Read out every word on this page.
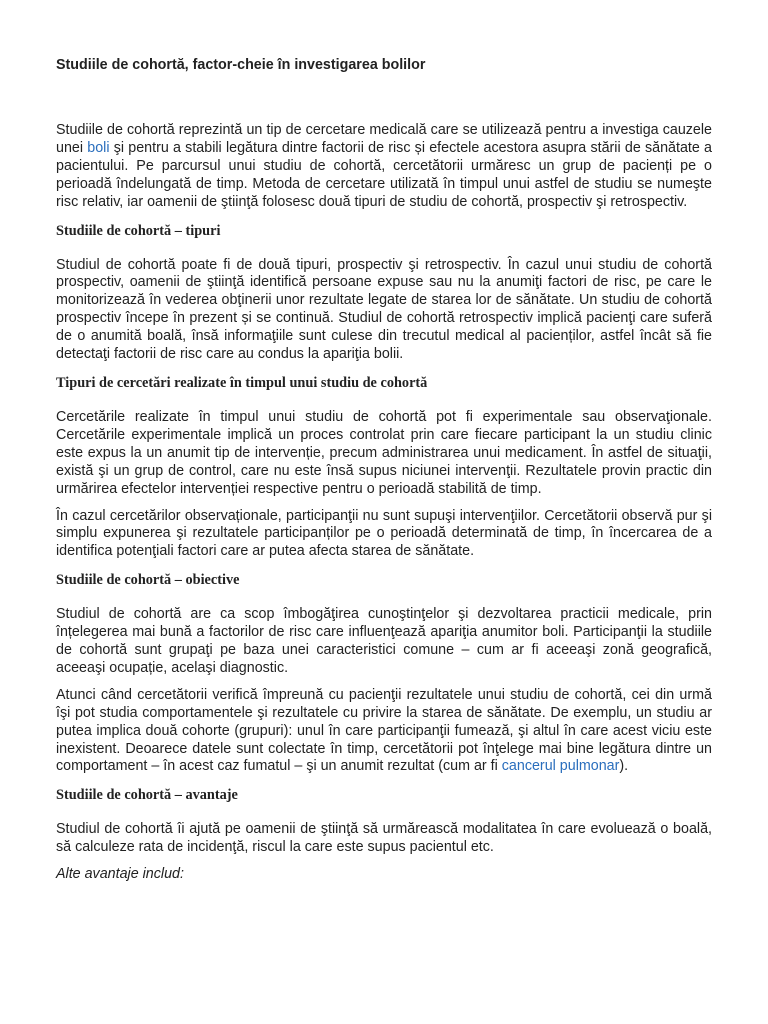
Studiile de cohortă, factor-cheie în investigarea bolilor

Studiile de cohortă reprezintă un tip de cercetare medicală care se utilizează pentru a investiga cauzele unei boli şi pentru a stabili legătura dintre factorii de risc și efectele acestora asupra stării de sănătate a pacientului. Pe parcursul unui studiu de cohortă, cercetătorii urmăresc un grup de pacienți pe o perioadă îndelungată de timp. Metoda de cercetare utilizată în timpul unui astfel de studiu se numeşte risc relativ, iar oamenii de ştiinţă folosesc două tipuri de studiu de cohortă, prospectiv şi retrospectiv.

Studiile de cohortă – tipuri

Studiul de cohortă poate fi de două tipuri, prospectiv şi retrospectiv. În cazul unui studiu de cohortă prospectiv, oamenii de ştiinţă identifică persoane expuse sau nu la anumiţi factori de risc, pe care le monitorizează în vederea obţinerii unor rezultate legate de starea lor de sănătate. Un studiu de cohortă prospectiv începe în prezent și se continuă. Studiul de cohortă retrospectiv implică pacienţi care suferă de o anumită boală, însă informaţiile sunt culese din trecutul medical al pacienților, astfel încât să fie detectaţi factorii de risc care au condus la apariţia bolii.

Tipuri de cercetări realizate în timpul unui studiu de cohortă

Cercetările realizate în timpul unui studiu de cohortă pot fi experimentale sau observaţionale. Cercetările experimentale implică un proces controlat prin care fiecare participant la un studiu clinic este expus la un anumit tip de intervenție, precum administrarea unui medicament. În astfel de situaţii, există şi un grup de control, care nu este însă supus niciunei intervenţii. Rezultatele provin practic din urmărirea efectelor intervenției respective pentru o perioadă stabilită de timp.

În cazul cercetărilor observaționale, participanţii nu sunt supuşi intervenţiilor. Cercetătorii observă pur şi simplu expunerea şi rezultatele participanților pe o perioadă determinată de timp, în încercarea de a identifica potenţiali factori care ar putea afecta starea de sănătate.

Studiile de cohortă – obiective

Studiul de cohortă are ca scop îmbogăţirea cunoştinţelor şi dezvoltarea practicii medicale, prin înțelegerea mai bună a factorilor de risc care influenţează apariţia anumitor boli. Participanţii la studiile de cohortă sunt grupaţi pe baza unei caracteristici comune – cum ar fi aceeaşi zonă geografică, aceeaşi ocupație, acelaşi diagnostic.

Atunci când cercetătorii verifică împreună cu pacienţii rezultatele unui studiu de cohortă, cei din urmă îşi pot studia comportamentele şi rezultatele cu privire la starea de sănătate. De exemplu, un studiu ar putea implica două cohorte (grupuri): unul în care participanţii fumează, şi altul în care acest viciu este inexistent. Deoarece datele sunt colectate în timp, cercetătorii pot înţelege mai bine legătura dintre un comportament – în acest caz fumatul – şi un anumit rezultat (cum ar fi cancerul pulmonar).

Studiile de cohortă – avantaje

Studiul de cohortă îi ajută pe oamenii de ştiinţă să urmărească modalitatea în care evoluează o boală, să calculeze rata de incidenţă, riscul la care este supus pacientul etc.

Alte avantaje includ:
